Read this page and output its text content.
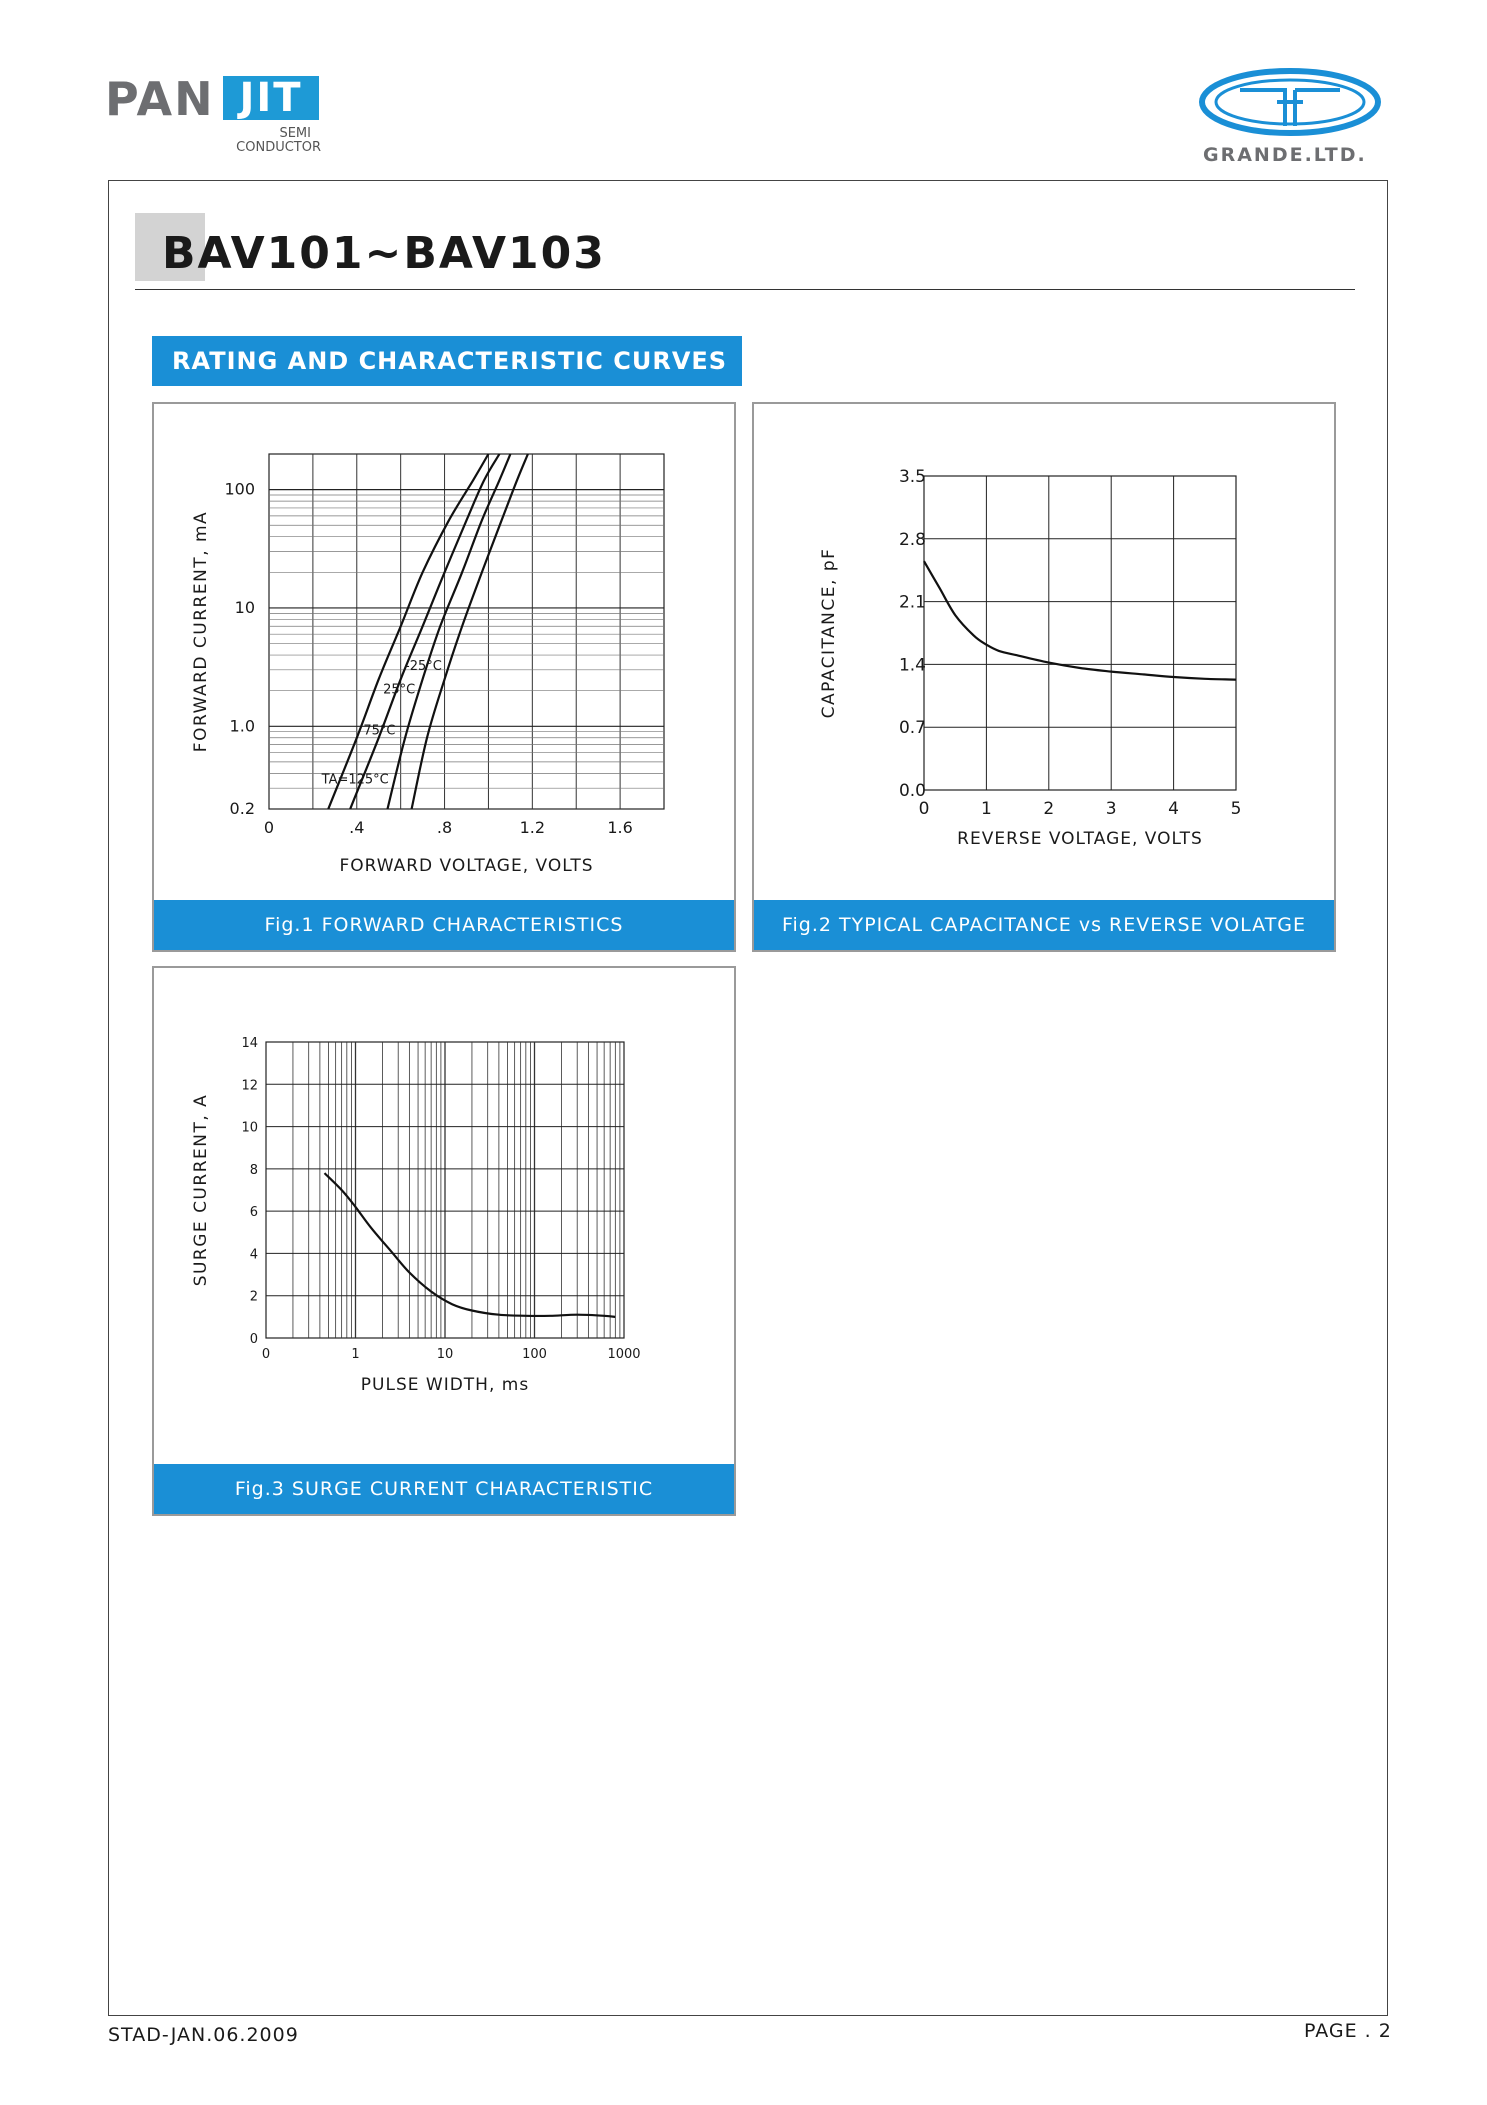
PAN JIT
SEMI
CONDUCTOR	GRANDE.LTD.
BAV101~BAV103
RATING AND CHARACTERISTIC CURVES
0	.4	.8	1.2	1.6
100
10
1.0
0.2
FORWARD VOLTAGE, VOLTS
FORWARD CURRENT, mA
TA=125°C
75°C
25°C
-25°C
Fig.1 FORWARD CHARACTERISTICS
0	1	2	3	4	5
3.5
2.8
2.1
1.4
0.7
0.0
REVERSE VOLTAGE, VOLTS
CAPACITANCE, pF
Fig.2 TYPICAL CAPACITANCE vs REVERSE VOLATGE
0	1	10	100	1000
14
12
10
8
6
4
2
0
PULSE WIDTH, ms
SURGE CURRENT, A
Fig.3 SURGE CURRENT CHARACTERISTIC
STAD-JAN.06.2009	PAGE . 2
